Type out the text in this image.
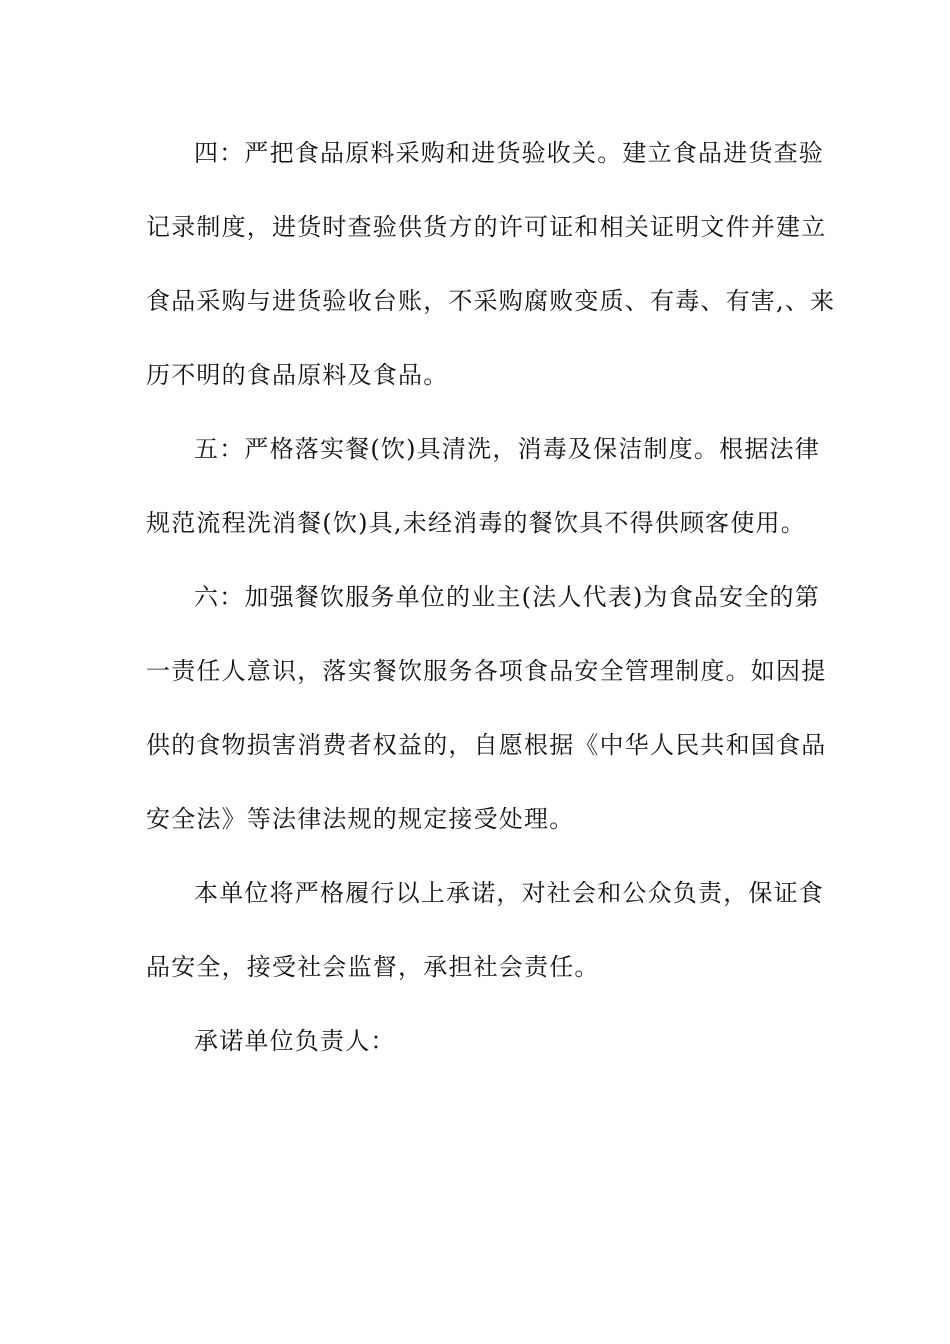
四：严把食品原料采购和进货验收关。建立食品进货查验
记录制度，进货时查验供货方的许可证和相关证明文件并建立
食品采购与进货验收台账，不采购腐败变质、有毒、有害,、来
历不明的食品原料及食品。
五：严格落实餐(饮)具清洗，消毒及保洁制度。根据法律
规范流程洗消餐(饮)具,未经消毒的餐饮具不得供顾客使用。
六：加强餐饮服务单位的业主(法人代表)为食品安全的第
一责任人意识，落实餐饮服务各项食品安全管理制度。如因提
供的食物损害消费者权益的，自愿根据《中华人民共和国食品
安全法》等法律法规的规定接受处理。
本单位将严格履行以上承诺，对社会和公众负责，保证食
品安全，接受社会监督，承担社会责任。
承诺单位负责人：
